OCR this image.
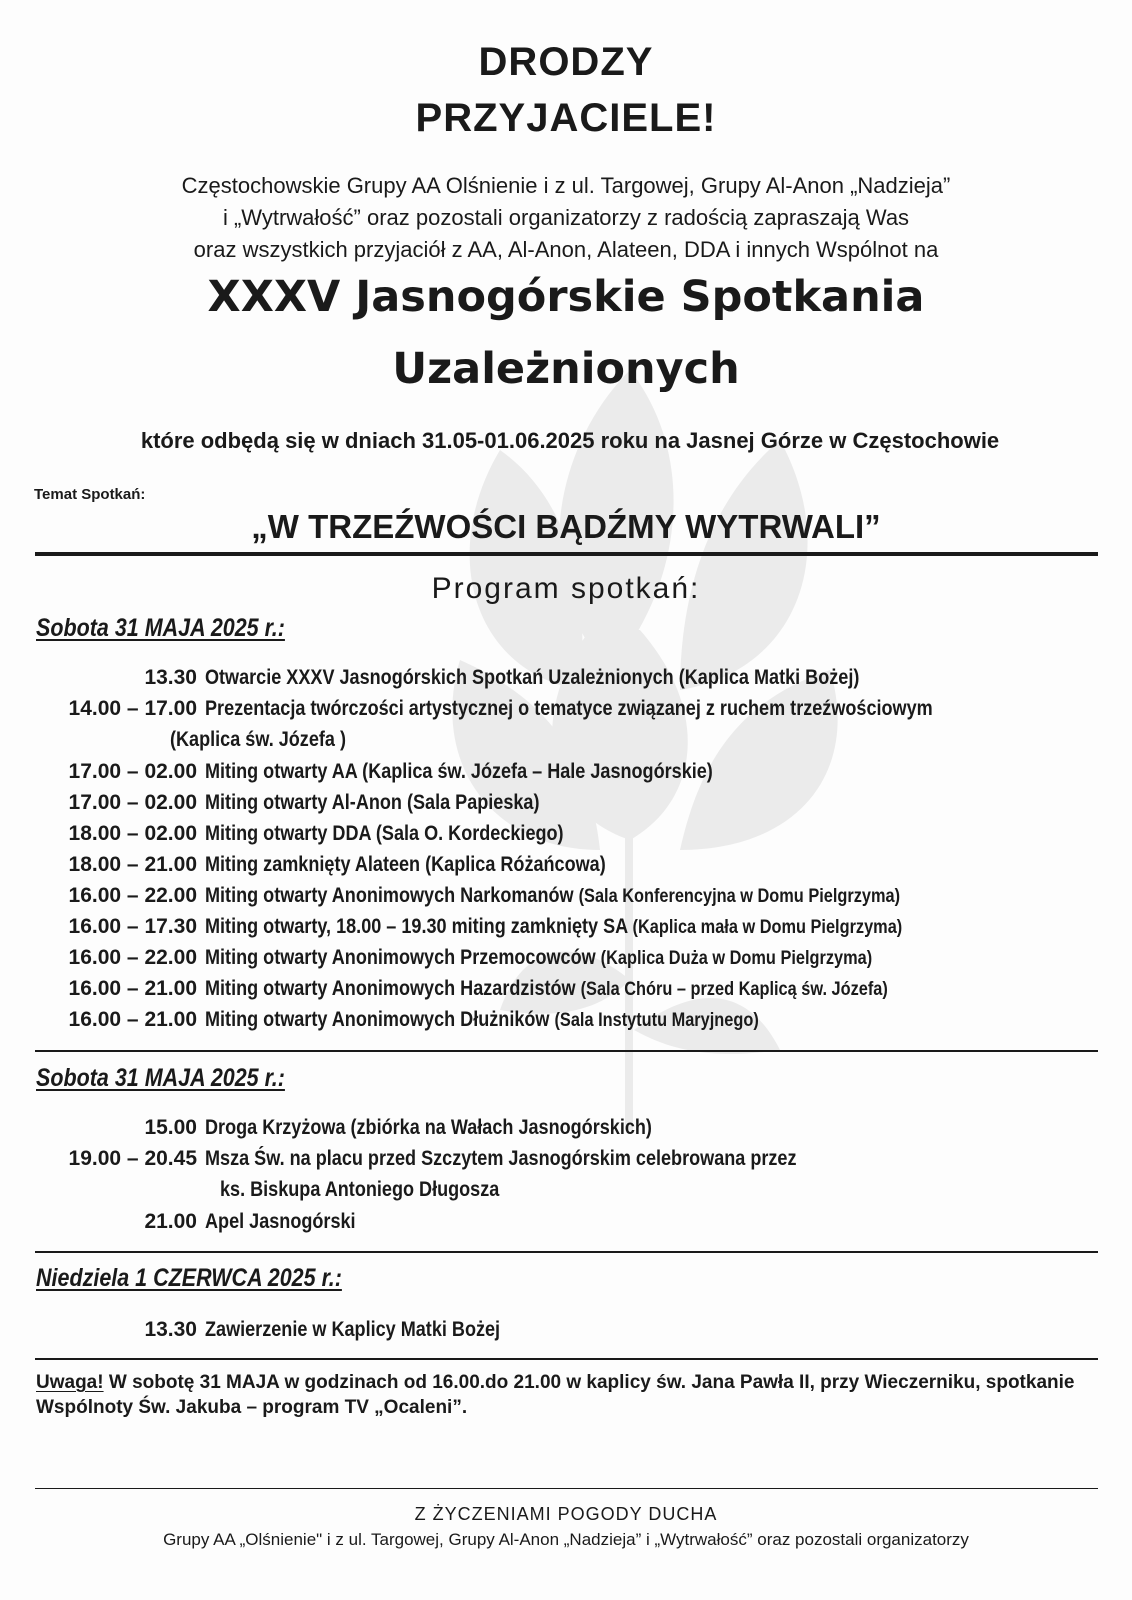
DRODZY
PRZYJACIELE!
Częstochowskie Grupy AA Olśnienie i z ul. Targowej, Grupy Al-Anon „Nadzieja”
i „Wytrwałość” oraz pozostali organizatorzy z radością zapraszają Was
oraz wszystkich przyjaciół z AA, Al-Anon, Alateen, DDA i innych Wspólnot na
XXXV Jasnogórskie Spotkania
Uzależnionych
które odbędą się w dniach 31.05-01.06.2025 roku na Jasnej Górze w Częstochowie
Temat Spotkań:
„W TRZEŹWOŚCI BĄDŹMY WYTRWALI”
Program spotkań:
Sobota 31 MAJA 2025 r.:
13.30 Otwarcie XXXV Jasnogórskich Spotkań Uzależnionych (Kaplica Matki Bożej)
14.00 – 17.00 Prezentacja twórczości artystycznej o tematyce związanej z ruchem trzeźwościowym
(Kaplica św. Józefa )
17.00 – 02.00 Miting otwarty AA (Kaplica św. Józefa – Hale Jasnogórskie)
17.00 – 02.00 Miting otwarty Al-Anon (Sala Papieska)
18.00 – 02.00 Miting otwarty DDA (Sala O. Kordeckiego)
18.00 – 21.00 Miting zamknięty Alateen (Kaplica Różańcowa)
16.00 – 22.00 Miting otwarty Anonimowych Narkomanów (Sala Konferencyjna w Domu Pielgrzyma)
16.00 – 17.30 Miting otwarty, 18.00 – 19.30 miting zamknięty SA (Kaplica mała w Domu Pielgrzyma)
16.00 – 22.00 Miting otwarty Anonimowych Przemocowców (Kaplica Duża w Domu Pielgrzyma)
16.00 – 21.00 Miting otwarty Anonimowych Hazardzistów (Sala Chóru – przed Kaplicą św. Józefa)
16.00 – 21.00 Miting otwarty Anonimowych Dłużników (Sala Instytutu Maryjnego)
Sobota 31 MAJA 2025 r.:
15.00 Droga Krzyżowa (zbiórka na Wałach Jasnogórskich)
19.00 – 20.45 Msza Św. na placu przed Szczytem Jasnogórskim celebrowana przez
ks. Biskupa Antoniego Długosza
21.00 Apel Jasnogórski
Niedziela 1 CZERWCA 2025 r.:
13.30 Zawierzenie w Kaplicy Matki Bożej
Uwaga! W sobotę 31 MAJA w godzinach od 16.00.do 21.00 w kaplicy św. Jana Pawła II, przy Wieczerniku, spotkanie Wspólnoty Św. Jakuba – program TV „Ocaleni”.
Z ŻYCZENIAMI POGODY DUCHA
Grupy AA „Olśnienie" i z ul. Targowej, Grupy Al-Anon „Nadzieja” i „Wytrwałość” oraz pozostali organizatorzy
